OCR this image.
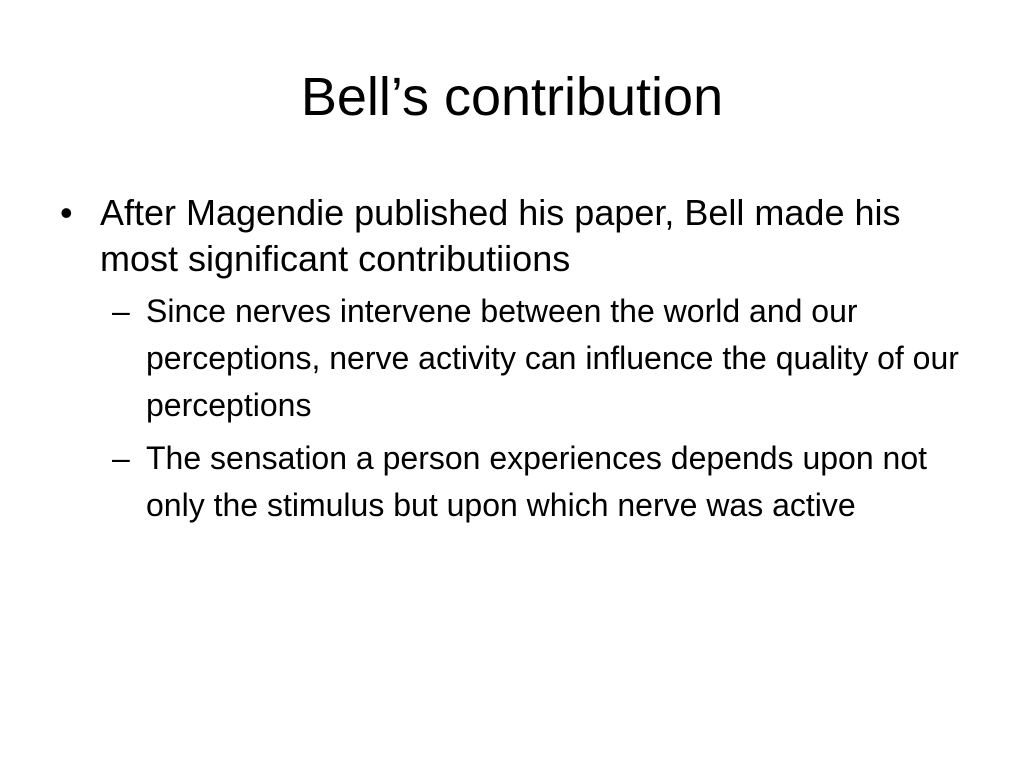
Bell’s contribution
• After Magendie published his paper, Bell made his most significant contributiions
– Since nerves intervene between the world and our perceptions, nerve activity can influence the quality of our perceptions
– The sensation a person experiences depends upon not only the stimulus but upon which nerve was active
